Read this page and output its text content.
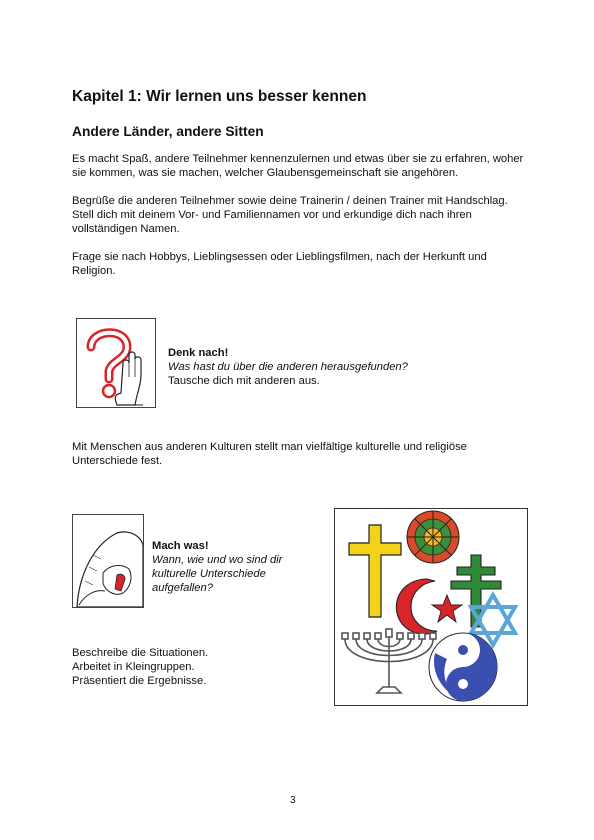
Kapitel 1: Wir lernen uns besser kennen
Andere Länder, andere Sitten

Es macht Spaß, andere Teilnehmer kennenzulernen und etwas über sie zu erfahren, woher sie kommen, was sie machen, welcher Glaubensgemeinschaft sie angehören.

Begrüße die anderen Teilnehmer sowie deine Trainerin / deinen Trainer mit Handschlag. Stell dich mit deinem Vor- und Familiennamen vor und erkundige dich nach ihren vollständigen Namen.

Frage sie nach Hobbys, Lieblingsessen oder Lieblingsfilmen, nach der Herkunft und Religion.

Denk nach!
Was hast du über die anderen herausgefunden?
Tausche dich mit anderen aus.

Mit Menschen aus anderen Kulturen stellt man vielfältige kulturelle und religiöse Unterschiede fest.

Mach was!
Wann, wie und wo sind dir
kulturelle Unterschiede
aufgefallen?

Beschreibe die Situationen.

Arbeitet in Kleingruppen.

Präsentiert die Ergebnisse.

3
